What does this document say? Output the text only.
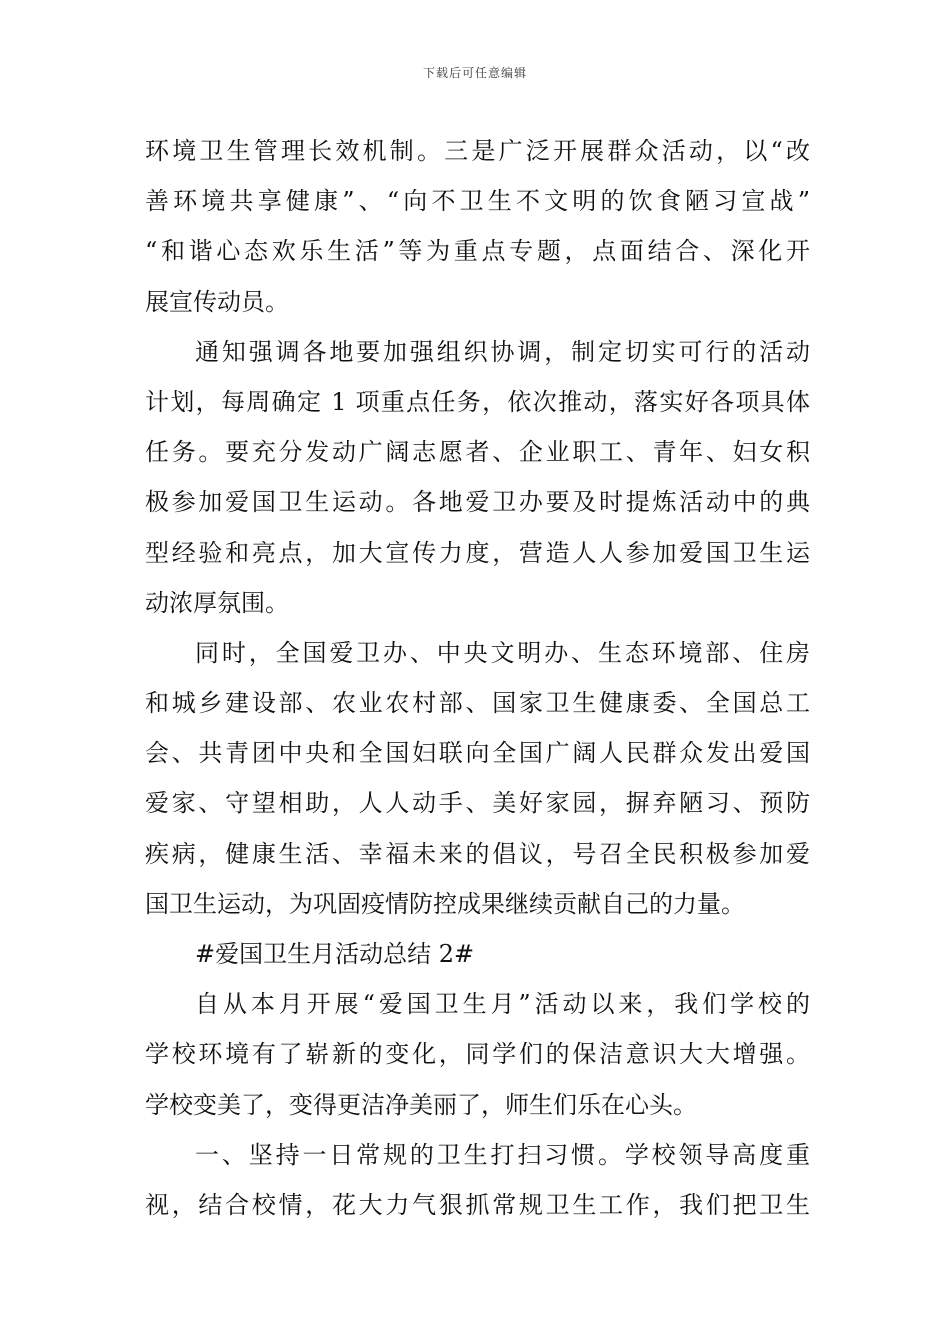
下载后可任意编辑
环境卫生管理长效机制。三是广泛开展群众活动，以“改
善环境共享健康”、“向不卫生不文明的饮食陋习宣战”
“和谐心态欢乐生活”等为重点专题，点面结合、深化开
展宣传动员。
通知强调各地要加强组织协调，制定切实可行的活动
计划，每周确定 1 项重点任务，依次推动，落实好各项具体
任务。要充分发动广阔志愿者、企业职工、青年、妇女积
极参加爱国卫生运动。各地爱卫办要及时提炼活动中的典
型经验和亮点，加大宣传力度，营造人人参加爱国卫生运
动浓厚氛围。
同时，全国爱卫办、中央文明办、生态环境部、住房
和城乡建设部、农业农村部、国家卫生健康委、全国总工
会、共青团中央和全国妇联向全国广阔人民群众发出爱国
爱家、守望相助，人人动手、美好家园，摒弃陋习、预防
疾病，健康生活、幸福未来的倡议，号召全民积极参加爱
国卫生运动，为巩固疫情防控成果继续贡献自己的力量。
#爱国卫生月活动总结 2#
自从本月开展“爱国卫生月”活动以来，我们学校的
学校环境有了崭新的变化，同学们的保洁意识大大增强。
学校变美了，变得更洁净美丽了，师生们乐在心头。
一、坚持一日常规的卫生打扫习惯。学校领导高度重
视，结合校情，花大力气狠抓常规卫生工作，我们把卫生
